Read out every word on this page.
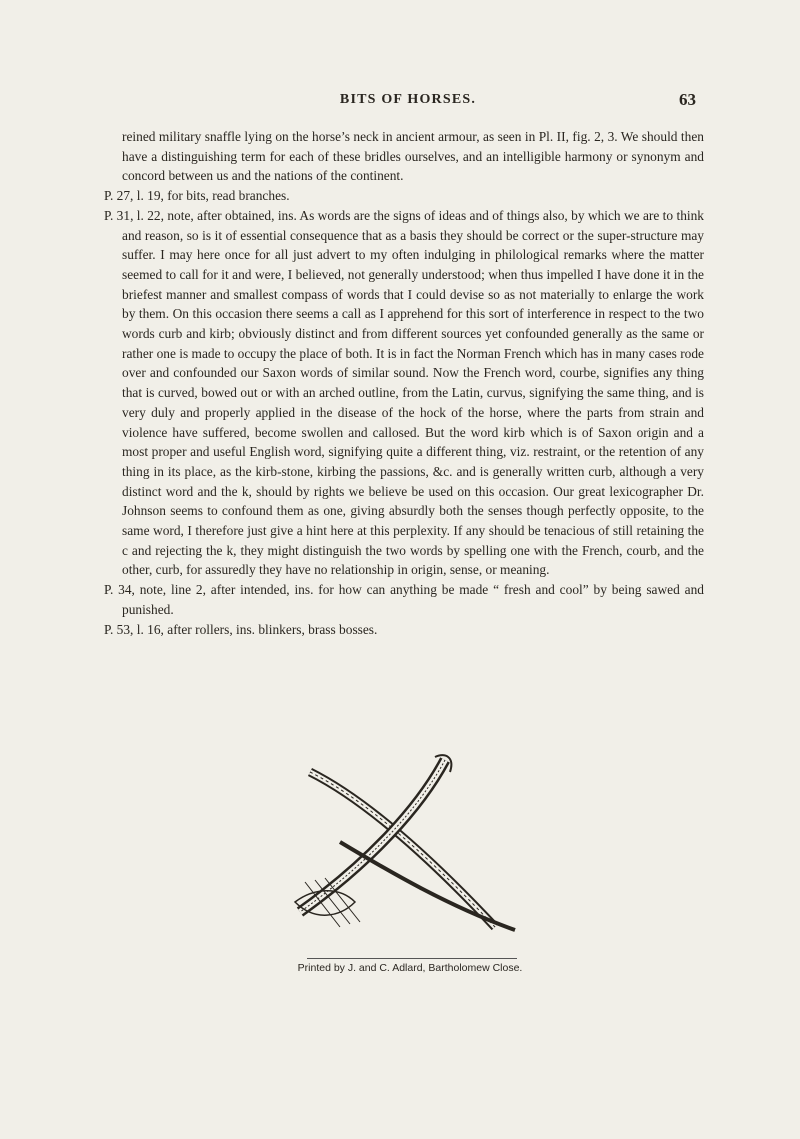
BITS OF HORSES.	63

reined military snaffle lying on the horse’s neck in ancient armour, as seen in Pl. II, fig. 2, 3. We should then have a distinguishing term for each of these bridles ourselves, and an intelligible harmony or synonym and concord between us and the nations of the continent.

P. 27, l. 19, for bits, read branches.

P. 31, l. 22, note, after obtained, ins. As words are the signs of ideas and of things also, by which we are to think and reason, so is it of essential consequence that as a basis they should be correct or the super-structure may suffer. I may here once for all just advert to my often indulging in philological remarks where the matter seemed to call for it and were, I believed, not generally understood; when thus impelled I have done it in the briefest manner and smallest compass of words that I could devise so as not materially to enlarge the work by them. On this occasion there seems a call as I apprehend for this sort of interference in respect to the two words curb and kirb; obviously distinct and from different sources yet confounded generally as the same or rather one is made to occupy the place of both. It is in fact the Norman French which has in many cases rode over and confounded our Saxon words of similar sound. Now the French word, courbe, signifies any thing that is curved, bowed out or with an arched outline, from the Latin, curvus, signifying the same thing, and is very duly and properly applied in the disease of the hock of the horse, where the parts from strain and violence have suffered, become swollen and callosed. But the word kirb which is of Saxon origin and a most proper and useful English word, signifying quite a different thing, viz. restraint, or the retention of any thing in its place, as the kirb-stone, kirbing the passions, &c. and is generally written curb, although a very distinct word and the k, should by rights we believe be used on this occasion. Our great lexicographer Dr. Johnson seems to confound them as one, giving absurdly both the senses though perfectly opposite, to the same word, I therefore just give a hint here at this perplexity. If any should be tenacious of still retaining the c and rejecting the k, they might distinguish the two words by spelling one with the French, courb, and the other, curb, for assuredly they have no relationship in origin, sense, or meaning.

P. 34, note, line 2, after intended, ins. for how can anything be made “ fresh and cool” by being sawed and punished.

P. 53, l. 16, after rollers, ins. blinkers, brass bosses.

Printed by J. and C. Adlard, Bartholomew Close.
